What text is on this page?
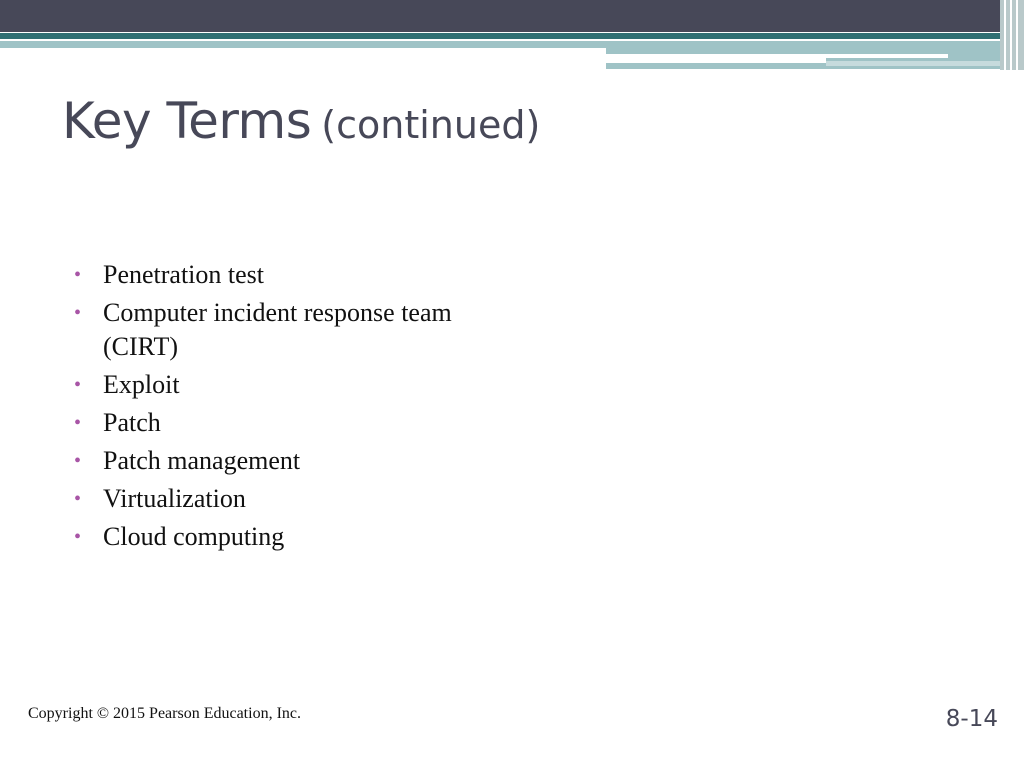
Key Terms (continued)
• Penetration test
• Computer incident response team (CIRT)
• Exploit
• Patch
• Patch management
• Virtualization
• Cloud computing
Copyright © 2015 Pearson Education, Inc.	8-14
